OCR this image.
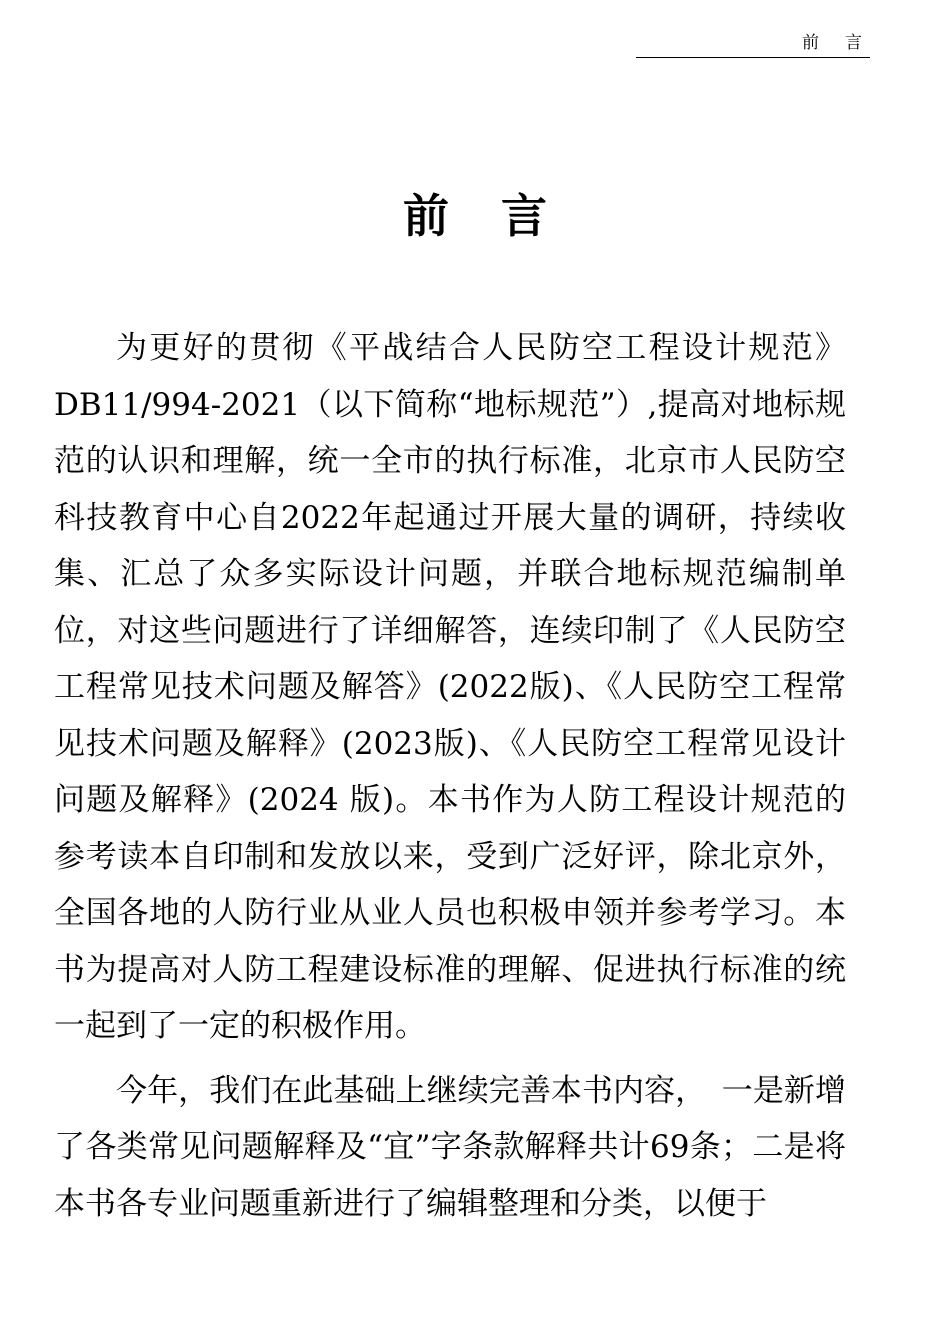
前言
前言

为更好的贯彻《平战结合人民防空工程设计规范》DB11/994-2021（以下简称“地标规范”）,提高对地标规范的认识和理解，统一全市的执行标准，北京市人民防空科技教育中心自2022年起通过开展大量的调研，持续收集、汇总了众多实际设计问题，并联合地标规范编制单位，对这些问题进行了详细解答，连续印制了《人民防空工程常见技术问题及解答》(2022版)、《人民防空工程常见技术问题及解释》(2023版)、《人民防空工程常见设计问题及解释》(2024 版)。本书作为人防工程设计规范的参考读本自印制和发放以来，受到广泛好评，除北京外，全国各地的人防行业从业人员也积极申领并参考学习。本书为提高对人防工程建设标准的理解、促进执行标准的统一起到了一定的积极作用。

今年，我们在此基础上继续完善本书内容，　一是新增了各类常见问题解释及“宜”字条款解释共计69条；二是将本书各专业问题重新进行了编辑整理和分类，以便于
